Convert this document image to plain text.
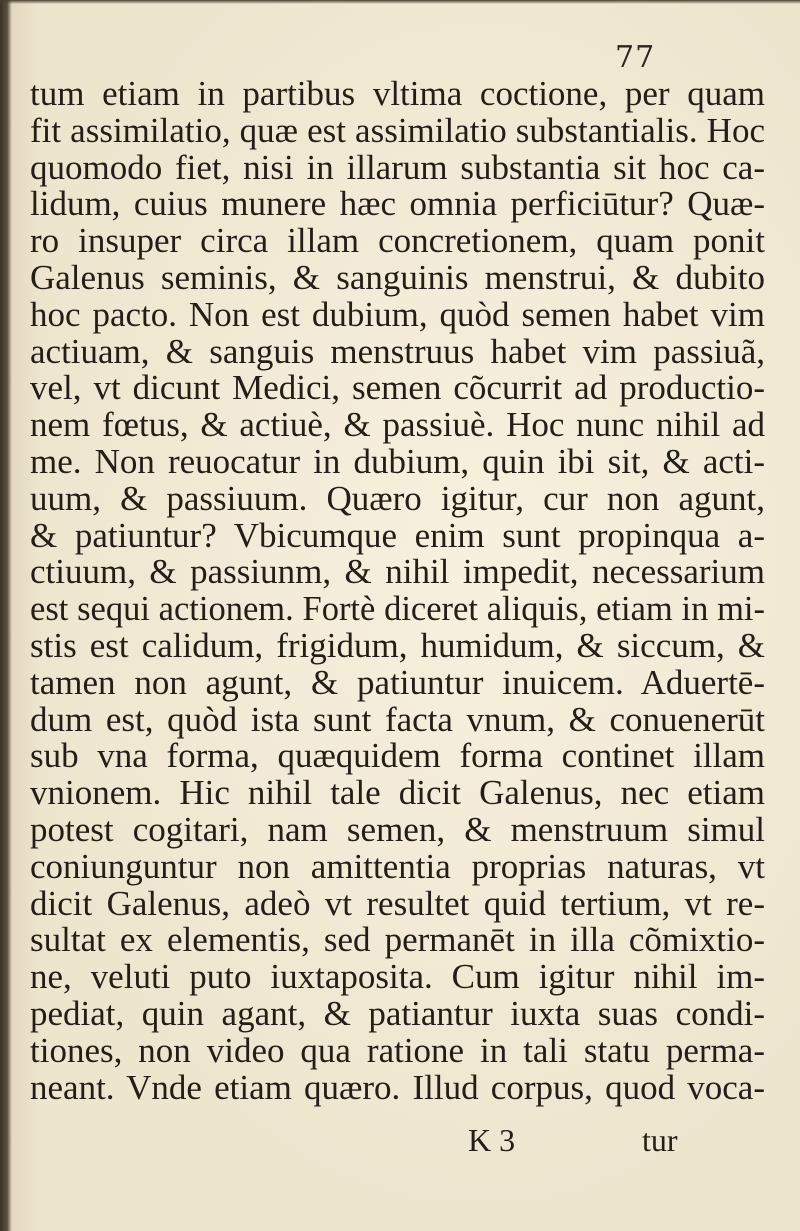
77
tum etiam in partibus vltima coctione, per quam
fit assimilatio, quæ est assimilatio substantialis. Hoc
quomodo fiet, nisi in illarum substantia sit hoc ca-
lidum, cuius munere hæc omnia perficiūtur? Quæ-
ro insuper circa illam concretionem, quam ponit
Galenus seminis, & sanguinis menstrui, & dubito
hoc pacto. Non est dubium, quòd semen habet vim
actiuam, & sanguis menstruus habet vim passiuã,
vel, vt dicunt Medici, semen cõcurrit ad productio-
nem fœtus, & actiuè, & passiuè. Hoc nunc nihil ad
me. Non reuocatur in dubium, quin ibi sit, & acti-
uum, & passiuum. Quæro igitur, cur non agunt,
& patiuntur? Vbicumque enim sunt propinqua a-
ctiuum, & passiunm, & nihil impedit, necessarium
est sequi actionem. Fortè diceret aliquis, etiam in mi-
stis est calidum, frigidum, humidum, & siccum, &
tamen non agunt, & patiuntur inuicem. Aduertē-
dum est, quòd ista sunt facta vnum, & conuenerūt
sub vna forma, quæquidem forma continet illam
vnionem. Hic nihil tale dicit Galenus, nec etiam
potest cogitari, nam semen, & menstruum simul
coniunguntur non amittentia proprias naturas, vt
dicit Galenus, adeò vt resultet quid tertium, vt re-
sultat ex elementis, sed permanēt in illa cõmixtio-
ne, veluti puto iuxtaposita. Cum igitur nihil im-
pediat, quin agant, & patiantur iuxta suas condi-
tiones, non video qua ratione in tali statu perma-
neant. Vnde etiam quæro. Illud corpus, quod voca-
K 3	tur
